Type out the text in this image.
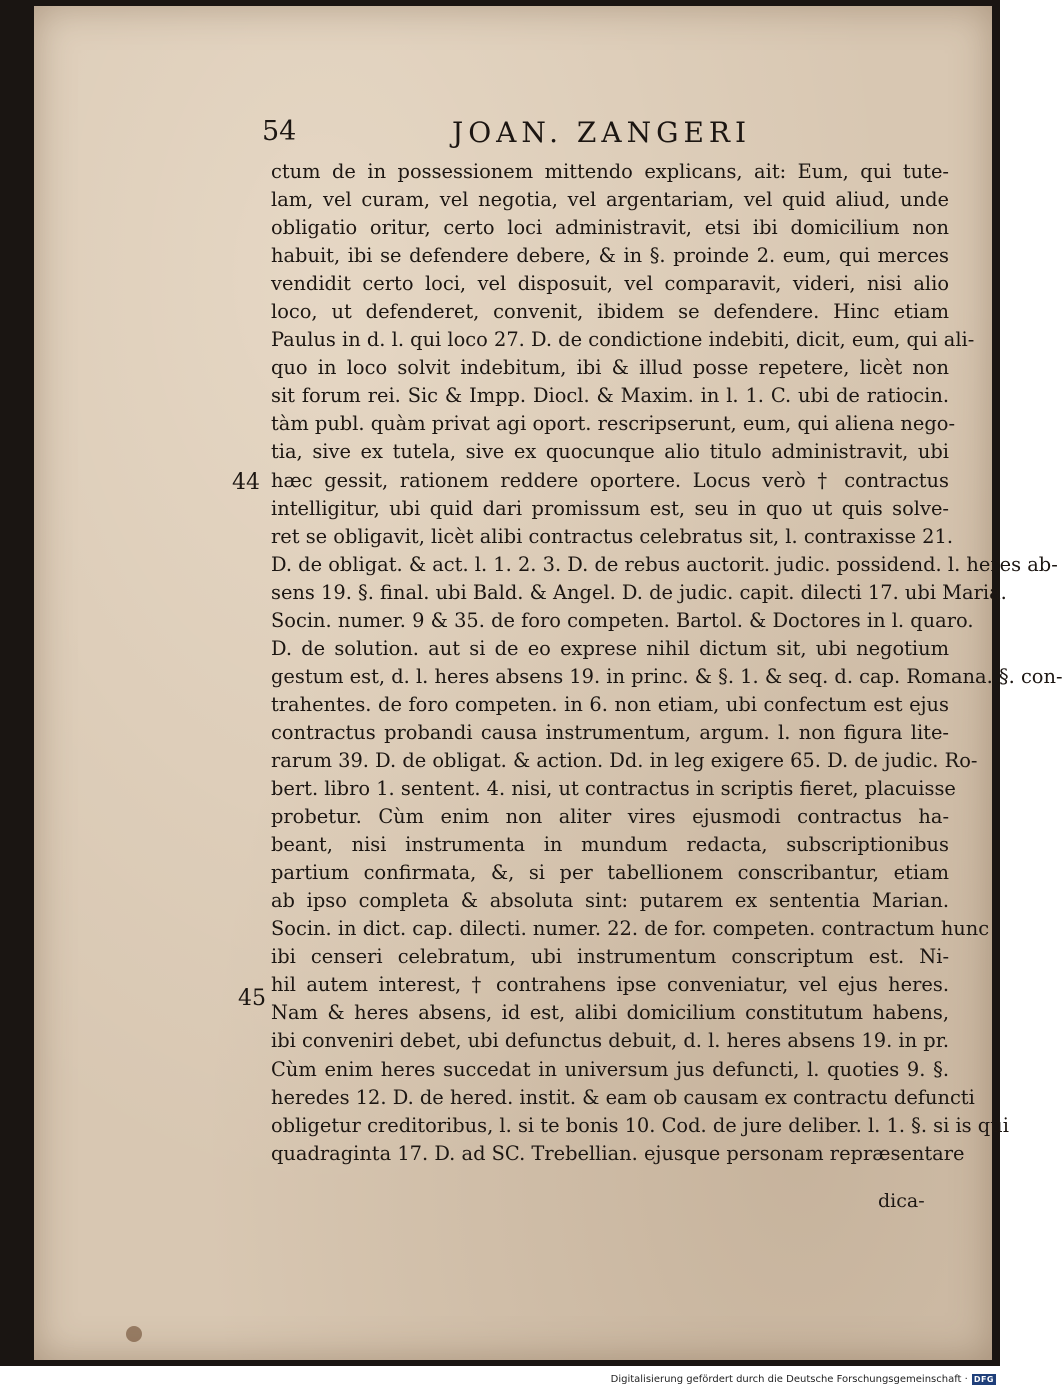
54	JOAN. ZANGERI
44
45
ctum de in possessionem mittendo explicans, ait: Eum, qui tute-
lam, vel curam, vel negotia, vel argentariam, vel quid aliud, unde
obligatio oritur, certo loci administravit, etsi ibi domicilium non
habuit, ibi se defendere debere, & in §. proinde 2. eum, qui merces
vendidit certo loci, vel disposuit, vel comparavit, videri, nisi alio
loco, ut defenderet, convenit, ibidem se defendere. Hinc etiam
Paulus in d. l. qui loco 27. D. de condictione indebiti, dicit, eum, qui ali-
quo in loco solvit indebitum, ibi & illud posse repetere, licèt non
sit forum rei. Sic & Impp. Diocl. & Maxim. in l. 1. C. ubi de ratiocin.
tàm publ. quàm privat agi oport. rescripserunt, eum, qui aliena nego-
tia, sive ex tutela, sive ex quocunque alio titulo administravit, ubi
hæc gessit, rationem reddere oportere. Locus verò † contractus
intelligitur, ubi quid dari promissum est, seu in quo ut quis solve-
ret se obligavit, licèt alibi contractus celebratus sit, l. contraxisse 21.
D. de obligat. & act. l. 1. 2. 3. D. de rebus auctorit. judic. possidend. l. heres ab-
sens 19. §. final. ubi Bald. & Angel. D. de judic. capit. dilecti 17. ubi Maria.
Socin. numer. 9 & 35. de foro competen. Bartol. & Doctores in l. quaro.
D. de solution. aut si de eo exprese nihil dictum sit, ubi negotium
gestum est, d. l. heres absens 19. in princ. & §. 1. & seq. d. cap. Romana. §. con-
trahentes. de foro competen. in 6. non etiam, ubi confectum est ejus
contractus probandi causa instrumentum, argum. l. non figura lite-
rarum 39. D. de obligat. & action. Dd. in leg exigere 65. D. de judic. Ro-
bert. libro 1. sentent. 4. nisi, ut contractus in scriptis fieret, placuisse
probetur. Cùm enim non aliter vires ejusmodi contractus ha-
beant, nisi instrumenta in mundum redacta, subscriptionibus
partium confirmata, &, si per tabellionem conscribantur, etiam
ab ipso completa & absoluta sint: putarem ex sententia Marian.
Socin. in dict. cap. dilecti. numer. 22. de for. competen. contractum hunc
ibi censeri celebratum, ubi instrumentum conscriptum est. Ni-
hil autem interest, † contrahens ipse conveniatur, vel ejus heres.
Nam & heres absens, id est, alibi domicilium constitutum habens,
ibi conveniri debet, ubi defunctus debuit, d. l. heres absens 19. in pr.
Cùm enim heres succedat in universum jus defuncti, l. quoties 9. §.
heredes 12. D. de hered. instit. & eam ob causam ex contractu defuncti
obligetur creditoribus, l. si te bonis 10. Cod. de jure deliber. l. 1. §. si is qui
quadraginta 17. D. ad SC. Trebellian. ejusque personam repræsentare
dica-
Digitalisierung gefördert durch die Deutsche Forschungsgemeinschaft · DFG
